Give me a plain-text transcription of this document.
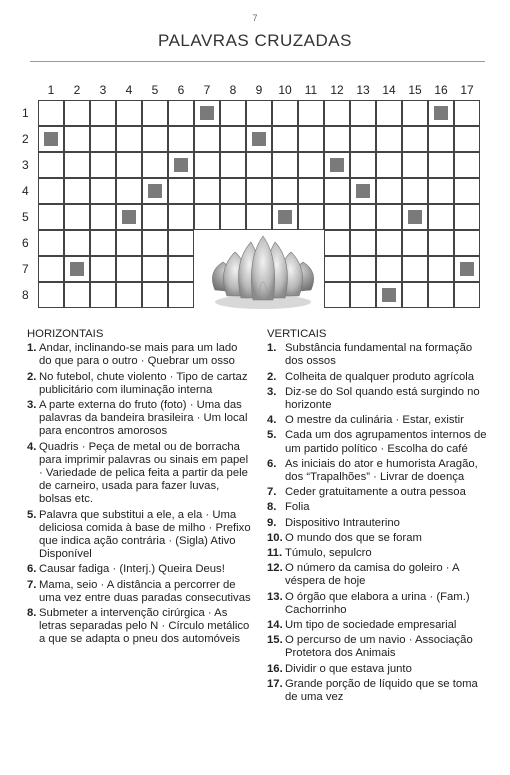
7
PALAVRAS CRUZADAS
1	2	3	4	5	6	7	8	9	10	11	12	13	14	15	16	17
1
2
3
4
5
6
7
8
HORIZONTAIS
1. Andar, inclinando-se mais para um lado do que para o outro · Quebrar um osso
2. No futebol, chute violento · Tipo de cartaz publicitário com iluminação interna
3. A parte externa do fruto (foto) · Uma das palavras da bandeira brasileira · Um local para encontros amorosos
4. Quadris · Peça de metal ou de borracha para imprimir palavras ou sinais em papel · Variedade de pelica feita a partir da pele de carneiro, usada para fazer luvas, bolsas etc.
5. Palavra que substitui a ele, a ela · Uma deliciosa comida à base de milho · Prefixo que indica ação contrária · (Sigla) Ativo Disponível
6. Causar fadiga · (Interj.) Queira Deus!
7. Mama, seio · A distância a percorrer de uma vez entre duas paradas consecutivas
8. Submeter a intervenção cirúrgica · As letras separadas pelo N · Círculo metálico a que se adapta o pneu dos automóveis
VERTICAIS
1. Substância fundamental na formação dos ossos
2. Colheita de qualquer produto agrícola
3. Diz-se do Sol quando está surgindo no horizonte
4. O mestre da culinária · Estar, existir
5. Cada um dos agrupamentos internos de um partido político · Escolha do café
6. As iniciais do ator e humorista Aragão, dos “Trapalhões” · Livrar de doença
7. Ceder gratuitamente a outra pessoa
8. Folia
9. Dispositivo Intrauterino
10. O mundo dos que se foram
11. Túmulo, sepulcro
12. O número da camisa do goleiro · A véspera de hoje
13. O órgão que elabora a urina · (Fam.) Cachorrinho
14. Um tipo de sociedade empresarial
15. O percurso de um navio · Associação Protetora dos Animais
16. Dividir o que estava junto
17. Grande porção de líquido que se toma de uma vez
